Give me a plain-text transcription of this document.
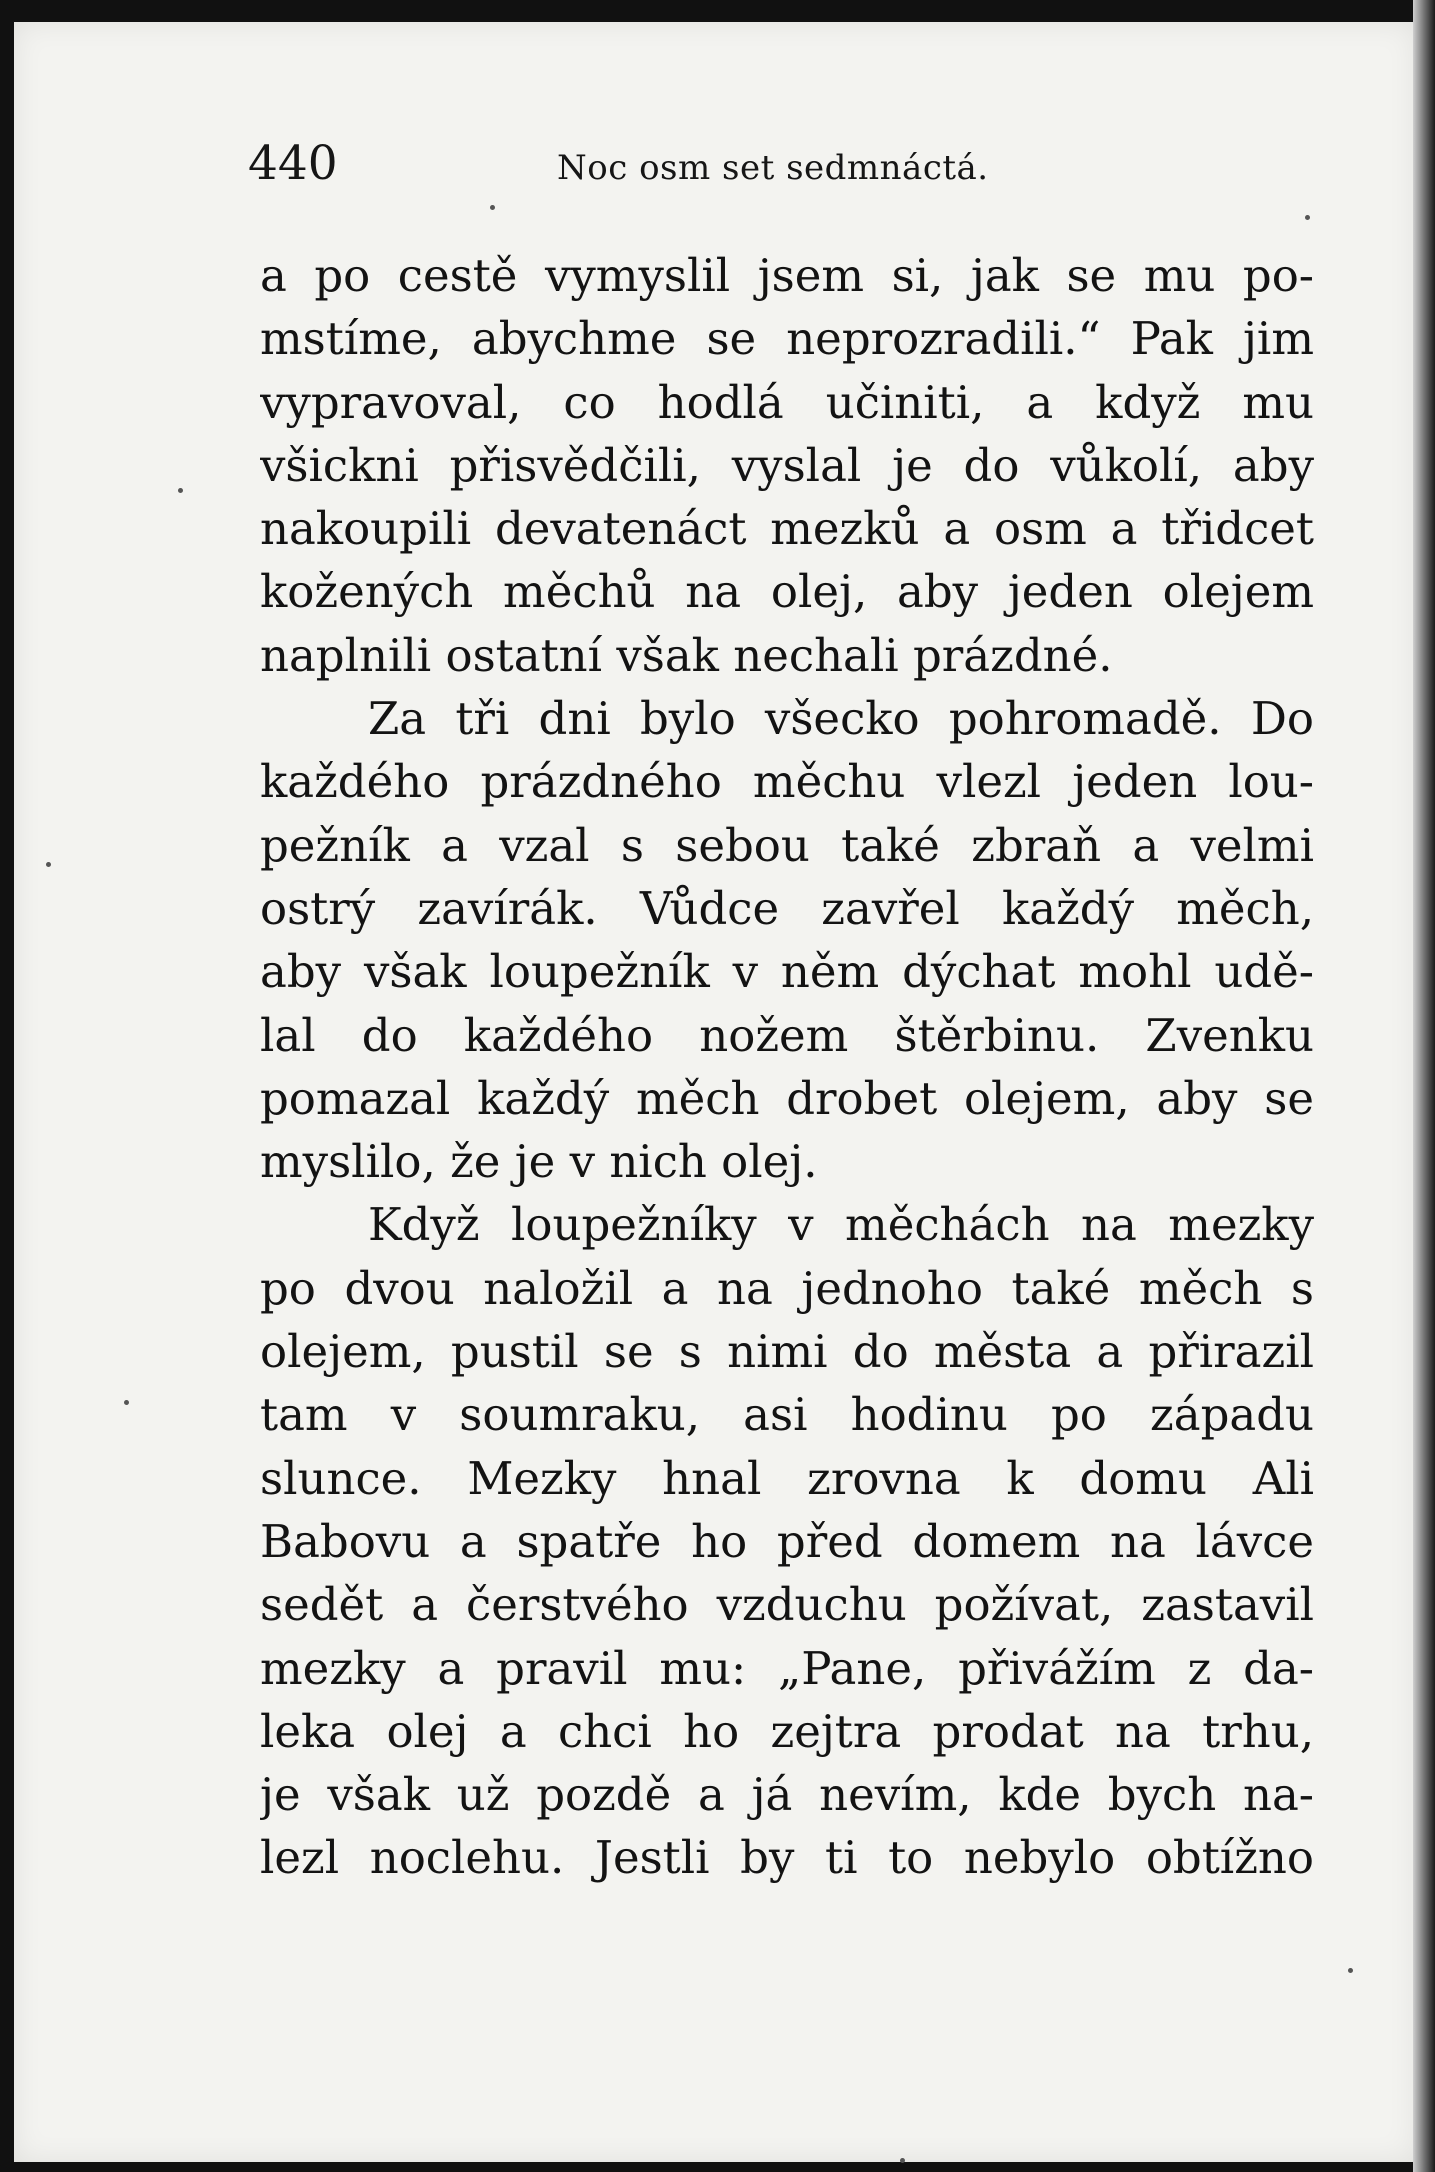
440	Noc osm set sedmnáctá.
a po cestě vymyslil jsem si, jak se mu po-
mstíme, abychme se neprozradili.“ Pak jim
vypravoval, co hodlá učiniti, a když mu
všickni přisvědčili, vyslal je do vůkolí, aby
nakoupili devatenáct mezků a osm a třidcet
kožených měchů na olej, aby jeden olejem
naplnili ostatní však nechali prázdné.
Za tři dni bylo všecko pohromadě. Do
každého prázdného měchu vlezl jeden lou-
pežník a vzal s sebou také zbraň a velmi
ostrý zavírák. Vůdce zavřel každý měch,
aby však loupežník v něm dýchat mohl udě-
lal do každého nožem štěrbinu. Zvenku
pomazal každý měch drobet olejem, aby se
myslilo, že je v nich olej.
Když loupežníky v měchách na mezky
po dvou naložil a na jednoho také měch s
olejem, pustil se s nimi do města a přirazil
tam v soumraku, asi hodinu po západu
slunce. Mezky hnal zrovna k domu Ali
Babovu a spatře ho před domem na lávce
sedět a čerstvého vzduchu požívat, zastavil
mezky a pravil mu: „Pane, přivážím z da-
leka olej a chci ho zejtra prodat na trhu,
je však už pozdě a já nevím, kde bych na-
lezl noclehu. Jestli by ti to nebylo obtížno
